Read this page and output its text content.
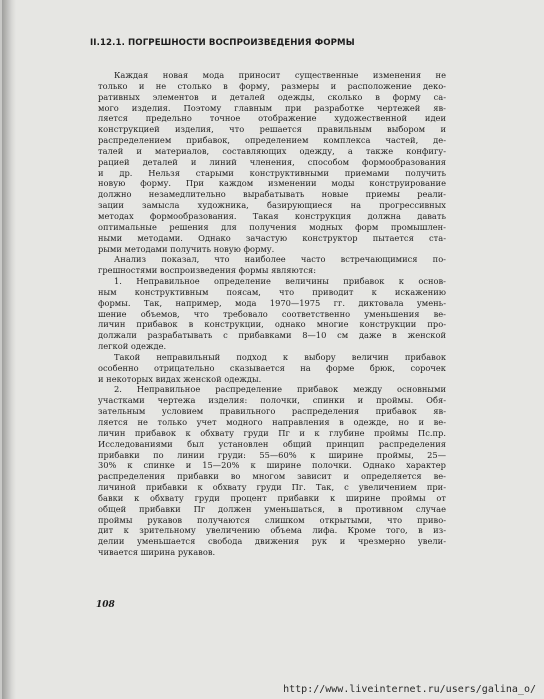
II.12.1. ПОГРЕШНОСТИ ВОСПРОИЗВЕДЕНИЯ ФОРМЫ

Каждая новая мода приносит существенные изменения не
только и не столько в форму, размеры и расположение деко-
ративных элементов и деталей одежды, сколько в форму са-
мого изделия. Поэтому главным при разработке чертежей яв-
ляется предельно точное отображение художественной идеи
конструкцией изделия, что решается правильным выбором и
распределением прибавок, определением комплекса частей, де-
талей и материалов, составляющих одежду, а также конфигу-
рацией деталей и линий членения, способом формообразования
и др. Нельзя старыми конструктивными приемами получить
новую форму. При каждом изменении моды конструирование
должно незамедлительно вырабатывать новые приемы реали-
зации замысла художника, базирующиеся на прогрессивных
методах формообразования. Такая конструкция должна давать
оптимальные решения для получения модных форм промышлен-
ными методами. Однако зачастую конструктор пытается ста-
рыми методами получить новую форму.

Анализ показал, что наиболее часто встречающимися по-
грешностями воспроизведения формы являются:

1. Неправильное определение величины прибавок к основ-
ным конструктивным поясам, что приводит к искажению
формы. Так, например, мода 1970—1975 гг. диктовала умень-
шение объемов, что требовало соответственно уменьшения ве-
личин прибавок в конструкции, однако многие конструкции про-
должали разрабатывать с прибавками 8—10 см даже в женской
легкой одежде.

Такой неправильный подход к выбору величин прибавок
особенно отрицательно сказывается на форме брюк, сорочек
и некоторых видах женской одежды.

2. Неправильное распределение прибавок между основными
участками чертежа изделия: полочки, спинки и проймы. Обя-
зательным условием правильного распределения прибавок яв-
ляется не только учет модного направления в одежде, но и ве-
личин прибавок к обхвату груди Пг и к глубине проймы Пс.пр.
Исследованиями был установлен общий принцип распределения
прибавки по линии груди: 55—60% к ширине проймы, 25—
30% к спинке и 15—20% к ширине полочки. Однако характер
распределения прибавки во многом зависит и определяется ве-
личиной прибавки к обхвату груди Пг. Так, с увеличением при-
бавки к обхвату груди процент прибавки к ширине проймы от
общей прибавки Пг должен уменьшаться, в противном случае
проймы рукавов получаются слишком открытыми, что приво-
дит к зрительному увеличению объема лифа. Кроме того, в из-
делии уменьшается свобода движения рук и чрезмерно увели-
чивается ширина рукавов.

108
http://www.liveinternet.ru/users/galina_o/
